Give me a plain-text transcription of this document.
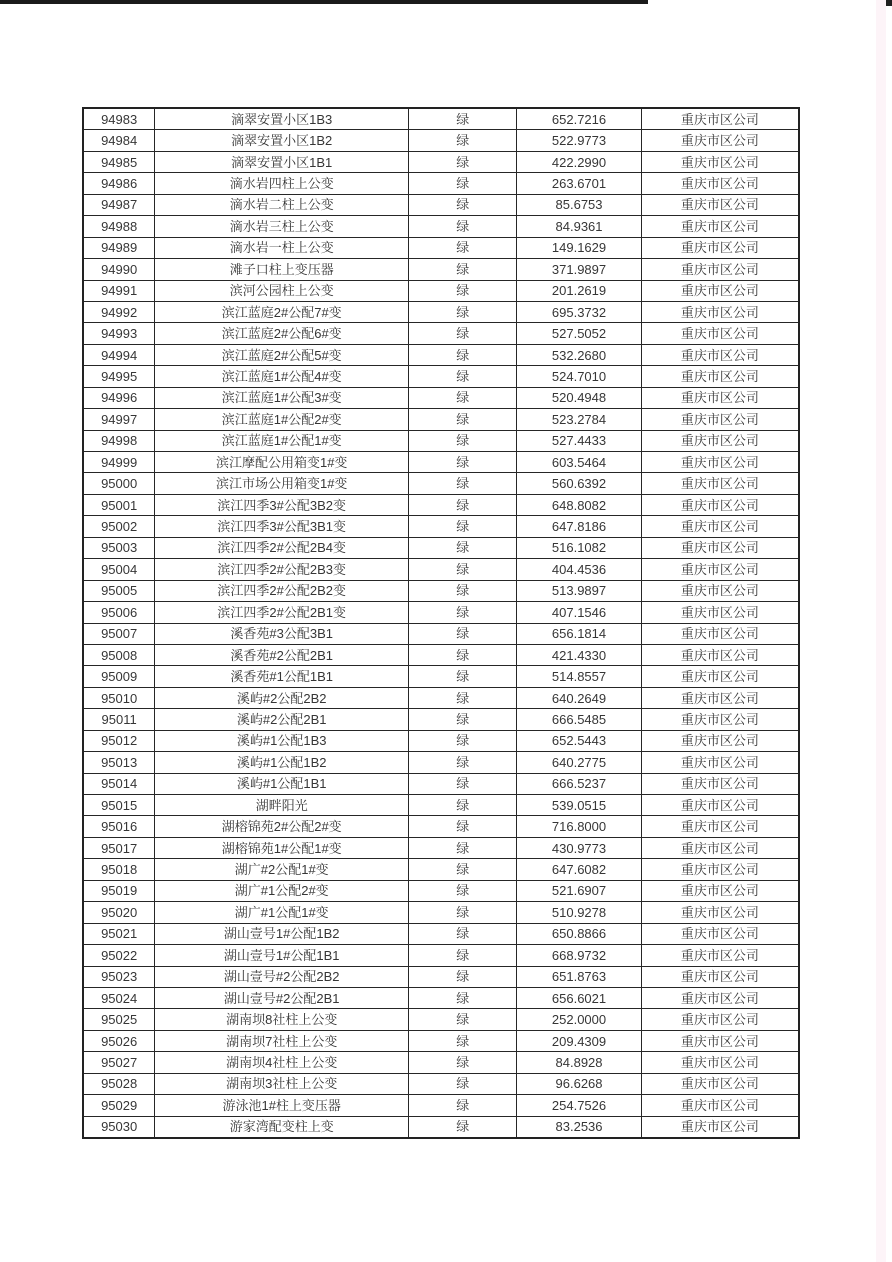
94983	滴翠安置小区1B3	绿	652.7216	重庆市区公司
94984	滴翠安置小区1B2	绿	522.9773	重庆市区公司
94985	滴翠安置小区1B1	绿	422.2990	重庆市区公司
94986	滴水岩四柱上公变	绿	263.6701	重庆市区公司
94987	滴水岩二柱上公变	绿	85.6753	重庆市区公司
94988	滴水岩三柱上公变	绿	84.9361	重庆市区公司
94989	滴水岩一柱上公变	绿	149.1629	重庆市区公司
94990	滩子口柱上变压器	绿	371.9897	重庆市区公司
94991	滨河公园柱上公变	绿	201.2619	重庆市区公司
94992	滨江蓝庭2#公配7#变	绿	695.3732	重庆市区公司
94993	滨江蓝庭2#公配6#变	绿	527.5052	重庆市区公司
94994	滨江蓝庭2#公配5#变	绿	532.2680	重庆市区公司
94995	滨江蓝庭1#公配4#变	绿	524.7010	重庆市区公司
94996	滨江蓝庭1#公配3#变	绿	520.4948	重庆市区公司
94997	滨江蓝庭1#公配2#变	绿	523.2784	重庆市区公司
94998	滨江蓝庭1#公配1#变	绿	527.4433	重庆市区公司
94999	滨江摩配公用箱变1#变	绿	603.5464	重庆市区公司
95000	滨江市场公用箱变1#变	绿	560.6392	重庆市区公司
95001	滨江四季3#公配3B2变	绿	648.8082	重庆市区公司
95002	滨江四季3#公配3B1变	绿	647.8186	重庆市区公司
95003	滨江四季2#公配2B4变	绿	516.1082	重庆市区公司
95004	滨江四季2#公配2B3变	绿	404.4536	重庆市区公司
95005	滨江四季2#公配2B2变	绿	513.9897	重庆市区公司
95006	滨江四季2#公配2B1变	绿	407.1546	重庆市区公司
95007	溪香苑#3公配3B1	绿	656.1814	重庆市区公司
95008	溪香苑#2公配2B1	绿	421.4330	重庆市区公司
95009	溪香苑#1公配1B1	绿	514.8557	重庆市区公司
95010	溪屿#2公配2B2	绿	640.2649	重庆市区公司
95011	溪屿#2公配2B1	绿	666.5485	重庆市区公司
95012	溪屿#1公配1B3	绿	652.5443	重庆市区公司
95013	溪屿#1公配1B2	绿	640.2775	重庆市区公司
95014	溪屿#1公配1B1	绿	666.5237	重庆市区公司
95015	湖畔阳光	绿	539.0515	重庆市区公司
95016	湖榕锦苑2#公配2#变	绿	716.8000	重庆市区公司
95017	湖榕锦苑1#公配1#变	绿	430.9773	重庆市区公司
95018	湖广#2公配1#变	绿	647.6082	重庆市区公司
95019	湖广#1公配2#变	绿	521.6907	重庆市区公司
95020	湖广#1公配1#变	绿	510.9278	重庆市区公司
95021	湖山壹号1#公配1B2	绿	650.8866	重庆市区公司
95022	湖山壹号1#公配1B1	绿	668.9732	重庆市区公司
95023	湖山壹号#2公配2B2	绿	651.8763	重庆市区公司
95024	湖山壹号#2公配2B1	绿	656.6021	重庆市区公司
95025	湖南坝8社柱上公变	绿	252.0000	重庆市区公司
95026	湖南坝7社柱上公变	绿	209.4309	重庆市区公司
95027	湖南坝4社柱上公变	绿	84.8928	重庆市区公司
95028	湖南坝3社柱上公变	绿	96.6268	重庆市区公司
95029	游泳池1#柱上变压器	绿	254.7526	重庆市区公司
95030	游家湾配变柱上变	绿	83.2536	重庆市区公司
